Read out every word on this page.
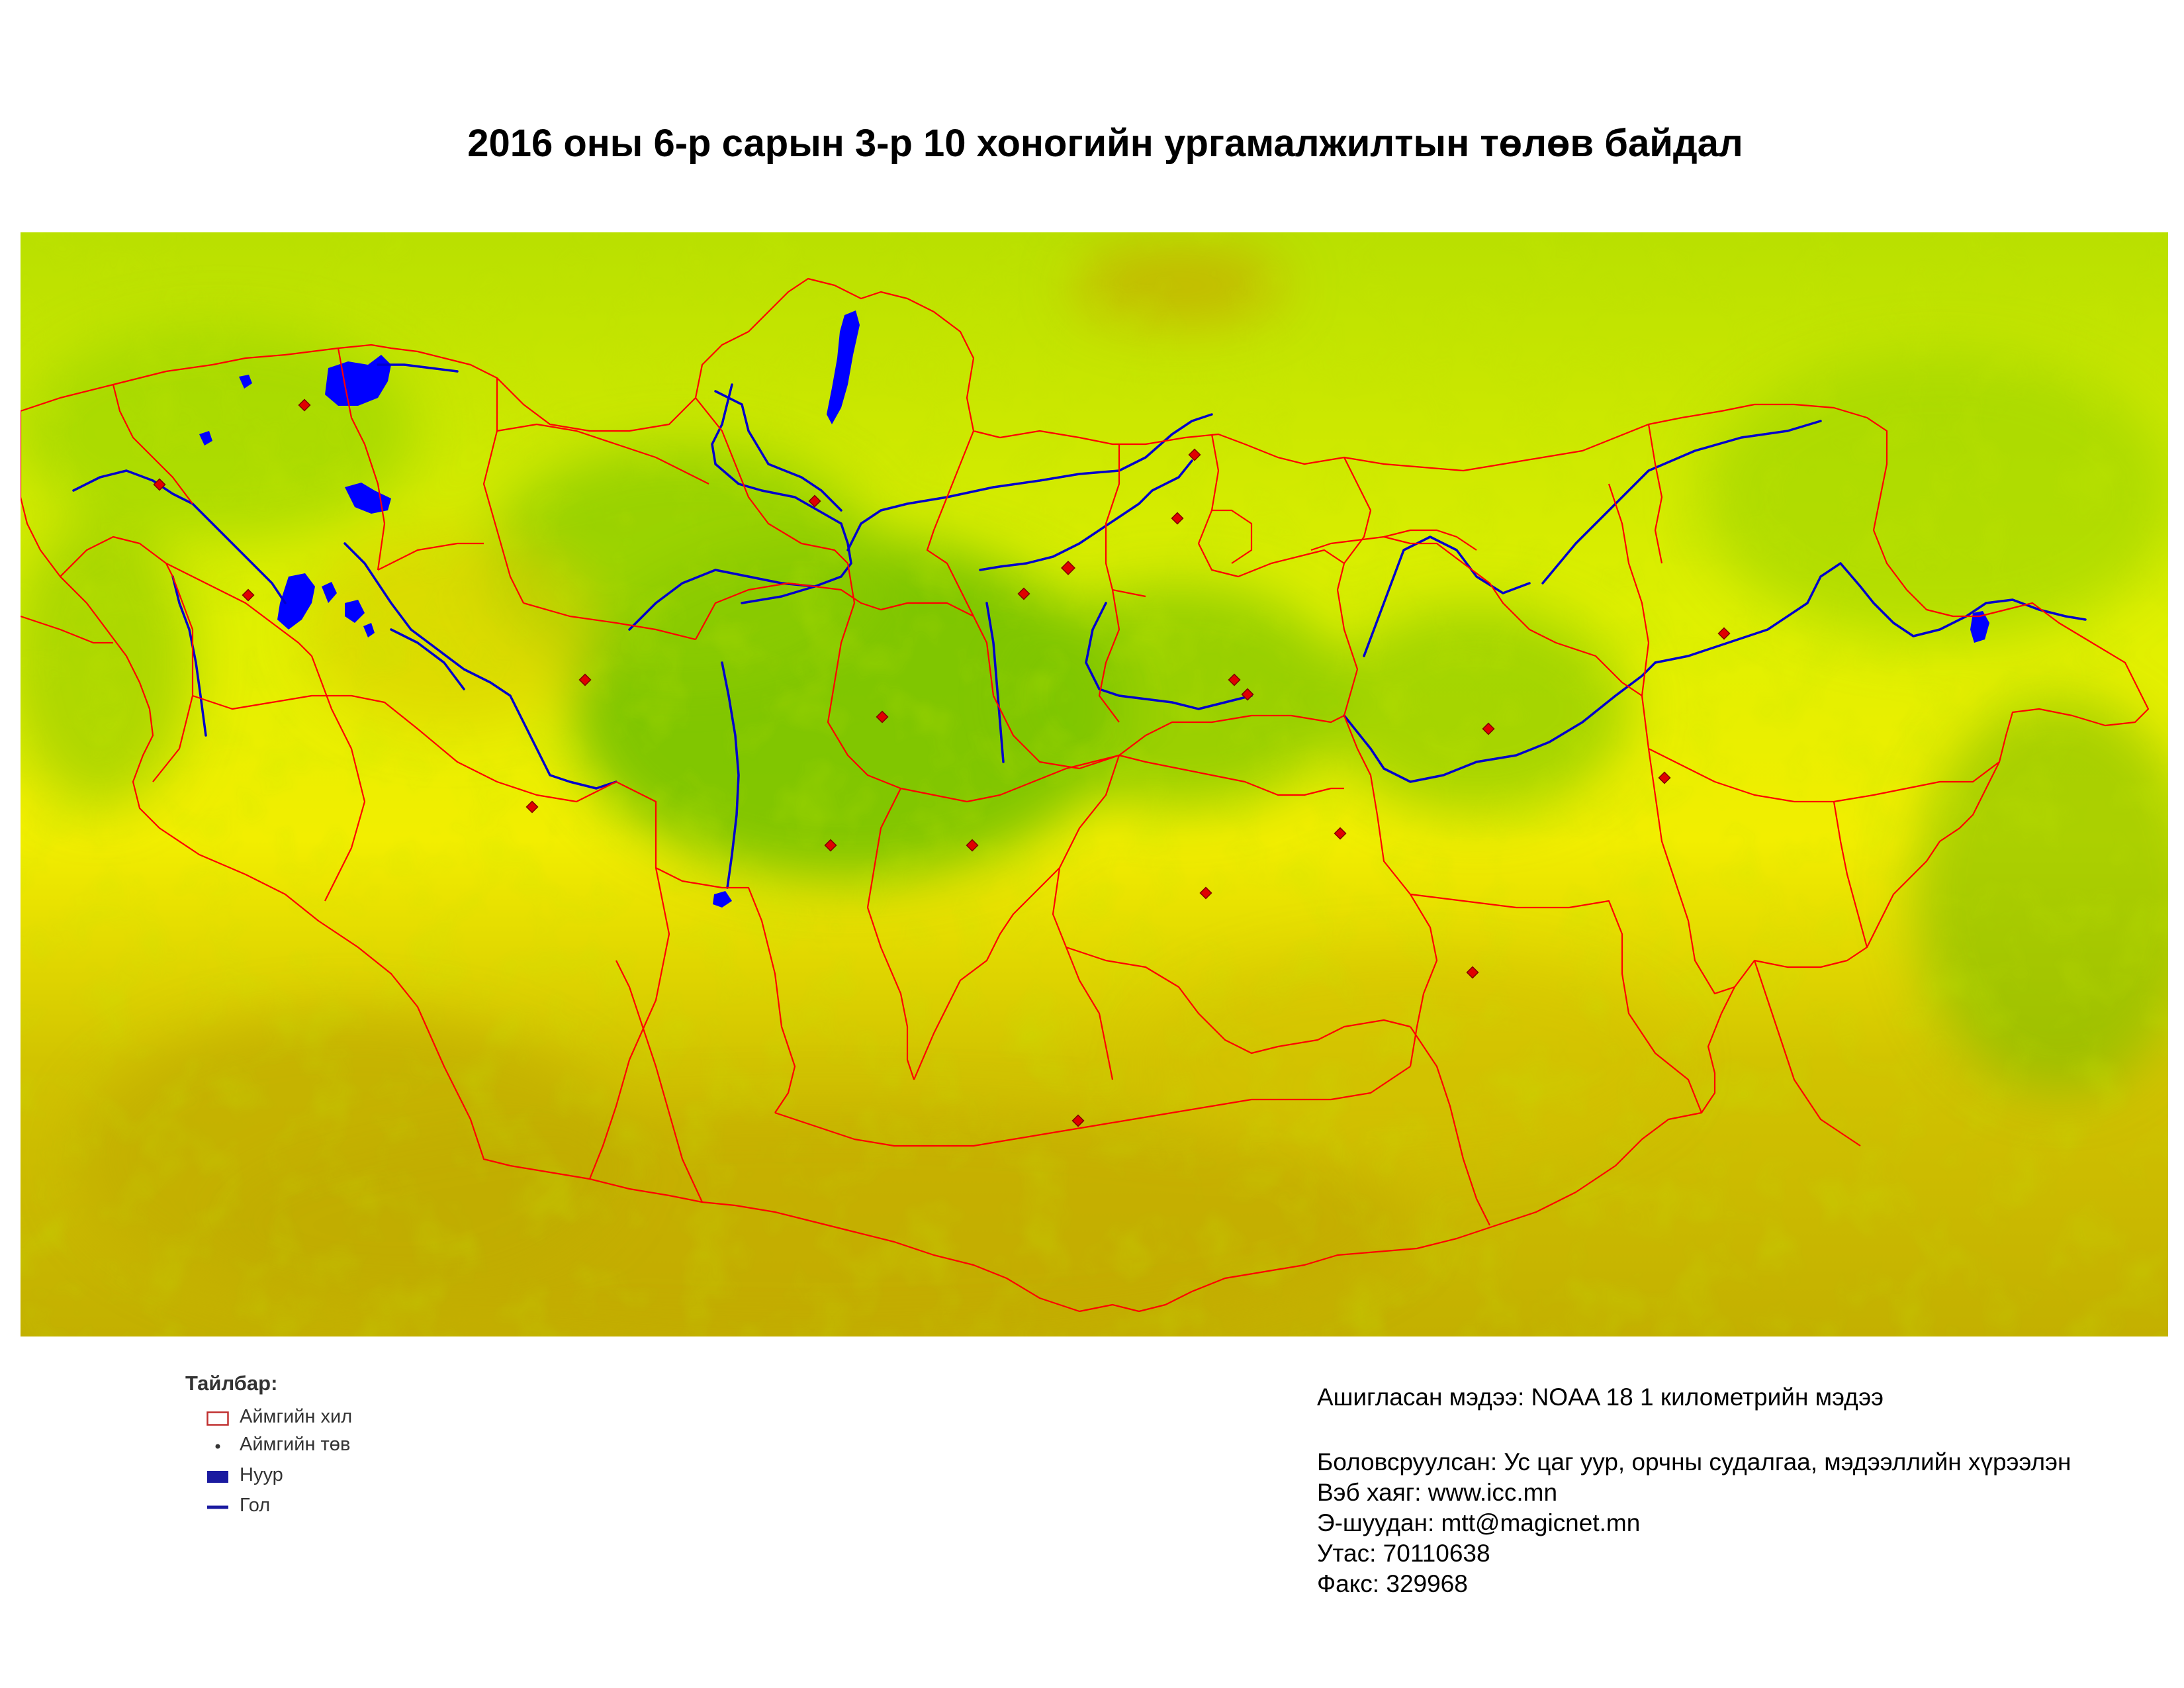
2016 оны 6-р сарын 3-р 10 хоногийн ургамалжилтын төлөв байдал
Тайлбар:
Аймгийн хил
Аймгийн төв
Нуур
Гол
Ашигласан мэдээ: NOAA 18 1 километрийн мэдээ
Боловсруулсан: Ус цаг уур, орчны судалгаа, мэдээллийн хүрээлэн
Вэб хаяг: www.icc.mn
Э-шуудан: mtt@magicnet.mn
Утас: 70110638
Факс: 329968
